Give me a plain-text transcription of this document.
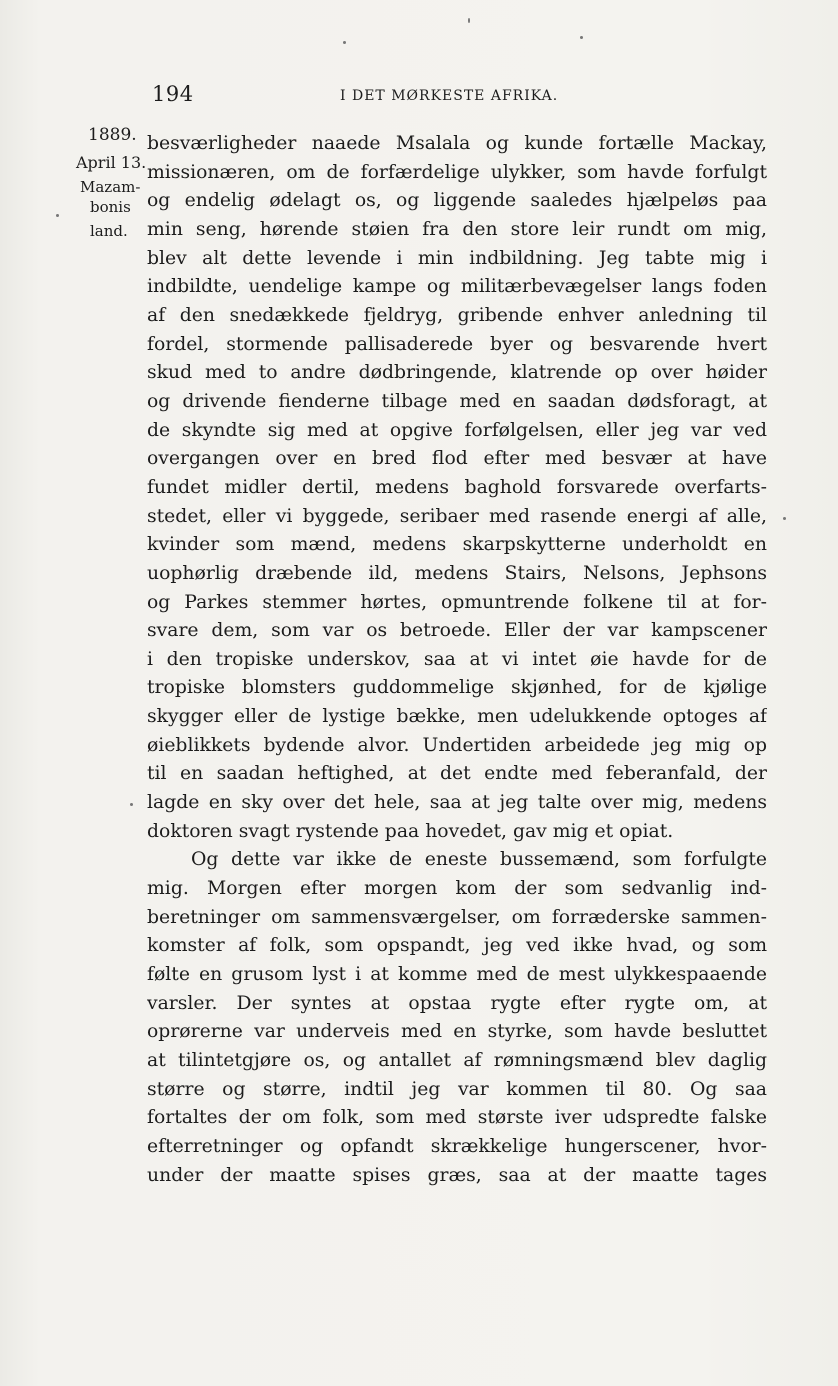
194	I DET MØRKESTE AFRIKA.
1889.
April 13.
Mazam-
bonis
land.
besværligheder naaede Msalala og kunde fortælle Mackay,
missionæren, om de forfærdelige ulykker, som havde forfulgt
og endelig ødelagt os, og liggende saaledes hjælpeløs paa
min seng, hørende støien fra den store leir rundt om mig,
blev alt dette levende i min indbildning. Jeg tabte mig i
indbildte, uendelige kampe og militærbevægelser langs foden
af den snedækkede fjeldryg, gribende enhver anledning til
fordel, stormende pallisaderede byer og besvarende hvert
skud med to andre dødbringende, klatrende op over høider
og drivende fienderne tilbage med en saadan dødsforagt, at
de skyndte sig med at opgive forfølgelsen, eller jeg var ved
overgangen over en bred flod efter med besvær at have
fundet midler dertil, medens baghold forsvarede overfarts-
stedet, eller vi byggede, seribaer med rasende energi af alle,
kvinder som mænd, medens skarpskytterne underholdt en
uophørlig dræbende ild, medens Stairs, Nelsons, Jephsons
og Parkes stemmer hørtes, opmuntrende folkene til at for-
svare dem, som var os betroede. Eller der var kampscener
i den tropiske underskov, saa at vi intet øie havde for de
tropiske blomsters guddommelige skjønhed, for de kjølige
skygger eller de lystige bække, men udelukkende optoges af
øieblikkets bydende alvor. Undertiden arbeidede jeg mig op
til en saadan heftighed, at det endte med feberanfald, der
lagde en sky over det hele, saa at jeg talte over mig, medens
doktoren svagt rystende paa hovedet, gav mig et opiat.
Og dette var ikke de eneste bussemænd, som forfulgte
mig. Morgen efter morgen kom der som sedvanlig ind-
beretninger om sammensværgelser, om forræderske sammen-
komster af folk, som opspandt, jeg ved ikke hvad, og som
følte en grusom lyst i at komme med de mest ulykkespaaende
varsler. Der syntes at opstaa rygte efter rygte om, at
oprørerne var underveis med en styrke, som havde besluttet
at tilintetgjøre os, og antallet af rømningsmænd blev daglig
større og større, indtil jeg var kommen til 80. Og saa
fortaltes der om folk, som med største iver udspredte falske
efterretninger og opfandt skrækkelige hungerscener, hvor-
under der maatte spises græs, saa at der maatte tages
